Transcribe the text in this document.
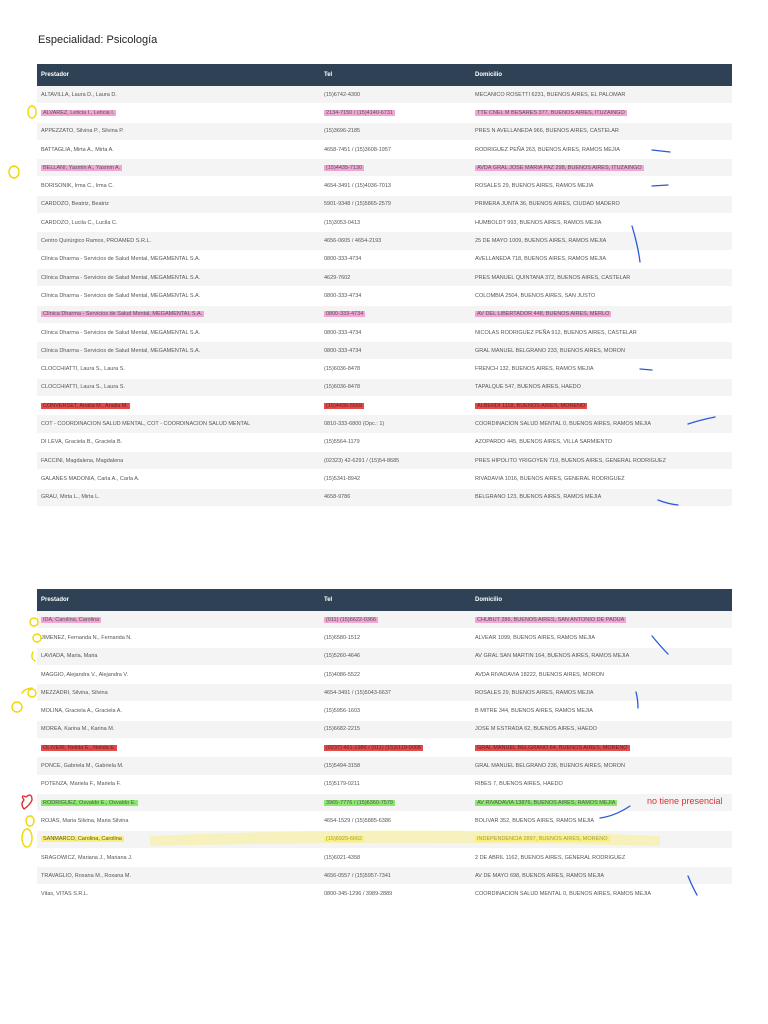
Especialidad: Psicología
Prestador	Tel	Domicilio
ALTAVILLA, Laura D., Laura D.	(15)6742-4300	MECANICO ROSETTI 6231, BUENOS AIRES, EL PALOMAR
ALVAREZ, Leticia I., Leticia I.	2134-7150 / (15)4140-6731	TTE CNEL M BESARES 377, BUENOS AIRES, ITUZAINGO
APPEZZATO, Silvina P., Silvina P.	(15)3696-2185	PRES N AVELLANEDA 966, BUENOS AIRES, CASTELAR
BATTAGLIA, Mirta A., Mirta A.	4658-7451 / (15)3608-1957	RODRIGUEZ PEÑA 263, BUENOS AIRES, RAMOS MEJIA
BELLANI, Yasmin A., Yasmin A.	(15)4435-7130	AVDA GRAL JOSE MARIA PAZ 298, BUENOS AIRES, ITUZAINGO
BORISONIK, Irma C., Irma C.	4654-3491 / (15)4036-7013	ROSALES 29, BUENOS AIRES, RAMOS MEJIA
CARDOZO, Beatriz, Beatriz	5901-9348 / (15)5865-2579	PRIMERA JUNTA 36, BUENOS AIRES, CIUDAD MADERO
CARDOZO, Lucila C., Lucila C.	(15)3053-0413	HUMBOLDT 993, BUENOS AIRES, RAMOS MEJIA
Centro Quirúrgico Ramos, PROAMED S.R.L.	4656-0605 / 4654-2193	25 DE MAYO 1009, BUENOS AIRES, RAMOS MEJIA
Clínica Dharma - Servicios de Salud Mental, MEGAMENTAL S.A.	0800-333-4734	AVELLANEDA 718, BUENOS AIRES, RAMOS MEJIA
Clínica Dharma - Servicios de Salud Mental, MEGAMENTAL S.A.	4629-7602	PRES MANUEL QUINTANA 372, BUENOS AIRES, CASTELAR
Clínica Dharma - Servicios de Salud Mental, MEGAMENTAL S.A.	0800-333-4734	COLOMBIA 2504, BUENOS AIRES, SAN JUSTO
Clínica Dharma - Servicios de Salud Mental, MEGAMENTAL S.A.	0800-333-4734	AV DEL LIBERTADOR 448, BUENOS AIRES, MERLO
Clínica Dharma - Servicios de Salud Mental, MEGAMENTAL S.A.	0800-333-4734	NICOLAS RODRIGUEZ PEÑA 912, BUENOS AIRES, CASTELAR
Clínica Dharma - Servicios de Salud Mental, MEGAMENTAL S.A.	0800-333-4734	GRAL MANUEL BELGRANO 233, BUENOS AIRES, MORON
CLOCCHIATTI, Laura S., Laura S.	(15)6036-8478	FRENCH 132, BUENOS AIRES, RAMOS MEJIA
CLOCCHIATTI, Laura S., Laura S.	(15)6036-8478	TAPALQUE 547, BUENOS AIRES, HAEDO
CONVERSET, Analia M., Analia M.	(15)4436-5569	ALBERDI 1118, BUENOS AIRES, MORENO
COT - COORDINACION SALUD MENTAL, COT - COORDINACION SALUD MENTAL	0810-333-6800 (Opc.: 1)	COORDINACION SALUD MENTAL 0, BUENOS AIRES, RAMOS MEJIA
DI LEVA, Graciela B., Graciela B.	(15)5564-1179	AZOPARDO 445, BUENOS AIRES, VILLA SARMIENTO
FACCINI, Magdalena, Magdalena	(02323) 42-6291 / (15)54-8685	PRES HIPOLITO YRIGOYEN 719, BUENOS AIRES, GENERAL RODRIGUEZ
GALANES MADONIA, Carla A., Carla A.	(15)5341-8942	RIVADAVIA 1016, BUENOS AIRES, GENERAL RODRIGUEZ
GRAU, Mirta L., Mirta L.	4658-9786	BELGRANO 123, BUENOS AIRES, RAMOS MEJIA
Prestador	Tel	Domicilio
IDA, Carolina, Carolina	(011) (15)6622-0366	CHUBUT 286, BUENOS AIRES, SAN ANTONIO DE PADUA
JIMENEZ, Fernanda N., Fernanda N.	(15)6580-1512	ALVEAR 1099, BUENOS AIRES, RAMOS MEJIA
LAVIADA, Maria, Maria	(15)5260-4646	AV GRAL SAN MARTIN 164, BUENOS AIRES, RAMOS MEJIA
MAGGIO, Alejandra V., Alejandra V.	(15)4086-5522	AVDA RIVADAVIA 18222, BUENOS AIRES, MORON
MEZZADRI, Silvina, Silvina	4654-3491 / (15)5043-6637	ROSALES 29, BUENOS AIRES, RAMOS MEJIA
MOLINA, Graciela A., Graciela A.	(15)5956-1603	B MITRE 344, BUENOS AIRES, RAMOS MEJIA
MOREA, Karina M., Karina M.	(15)6682-2215	JOSE M ESTRADA 62, BUENOS AIRES, HAEDO
OLIVERI, Nelida E., Nelida E.	(0237) 461-1986 / (011) (15)5119-0008	GRAL MANUEL BELGRANO 64, BUENOS AIRES, MORENO
PONCE, Gabriela M., Gabriela M.	(15)5494-3158	GRAL MANUEL BELGRANO 236, BUENOS AIRES, MORON
POTENZA, Mariela F., Mariela F.	(15)5179-0211	RIBES 7, BUENOS AIRES, HAEDO
RODRIGUEZ, Osvaldo E., Osvaldo E.	3965-7776 / (15)6360-7579	AV RIVADAVIA 13876, BUENOS AIRES, RAMOS MEJIA
ROJAS, Maria Silvina, Maria Silvina	4654-1529 / (15)5885-6386	BOLIVAR 352, BUENOS AIRES, RAMOS MEJIA
SANMARCO, Carolina, Carolina	(15)6929-6662	INDEPENDENCIA 2897, BUENOS AIRES, MORENO
SRAGOWICZ, Mariana J., Mariana J.	(15)6021-4358	2 DE ABRIL 1162, BUENOS AIRES, GENERAL RODRIGUEZ
TRAVAGLIO, Roxana M., Roxana M.	4656-0557 / (15)5957-7341	AV DE MAYO 698, BUENOS AIRES, RAMOS MEJIA
Vitas, VITAS S.R.L.	0800-345-1296 / 3989-2889	COORDINACION SALUD MENTAL 0, BUENOS AIRES, RAMOS MEJIA
no tiene presencial
